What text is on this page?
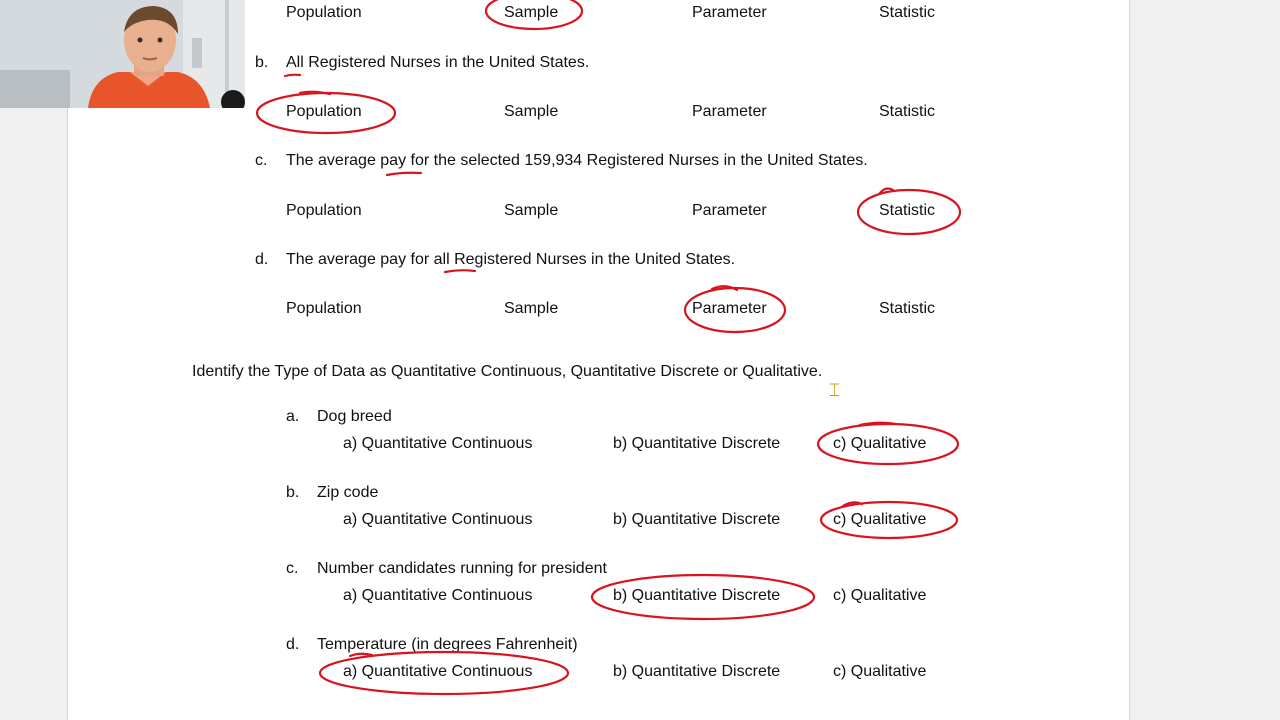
Population	Sample	Parameter	Statistic
b. All Registered Nurses in the United States.
Population	Sample	Parameter	Statistic
c. The average pay for the selected 159,934 Registered Nurses in the United States.
Population	Sample	Parameter	Statistic
d. The average pay for all Registered Nurses in the United States.
Population	Sample	Parameter	Statistic
Identify the Type of Data as Quantitative Continuous, Quantitative Discrete or Qualitative.
a. Dog breed
a) Quantitative Continuous	b) Quantitative Discrete	c) Qualitative
b. Zip code
a) Quantitative Continuous	b) Quantitative Discrete	c) Qualitative
c. Number candidates running for president
a) Quantitative Continuous	b) Quantitative Discrete	c) Qualitative
d. Temperature (in degrees Fahrenheit)
a) Quantitative Continuous	b) Quantitative Discrete	c) Qualitative
⌶
